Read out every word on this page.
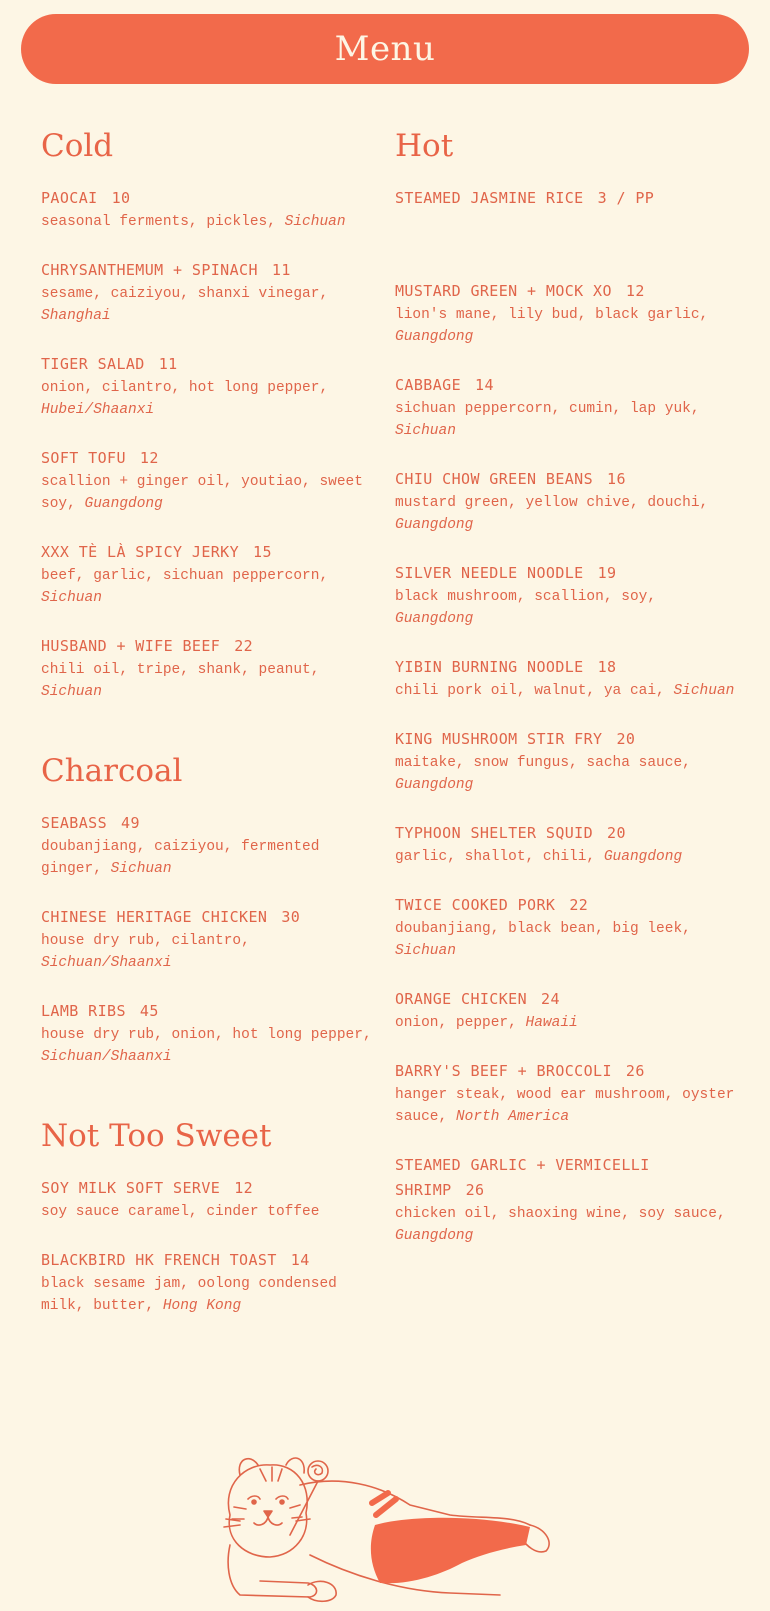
Menu
Cold
PAOCAI 10
seasonal ferments, pickles, Sichuan
CHRYSANTHEMUM + SPINACH 11
sesame, caiziyou, shanxi vinegar, Shanghai
TIGER SALAD 11
onion, cilantro, hot long pepper, Hubei/Shaanxi
SOFT TOFU 12
scallion + ginger oil, youtiao, sweet soy, Guangdong
XXX TÈ LÀ SPICY JERKY 15
beef, garlic, sichuan peppercorn, Sichuan
HUSBAND + WIFE BEEF 22
chili oil, tripe, shank, peanut, Sichuan
Charcoal
SEABASS 49
doubanjiang, caiziyou, fermented ginger, Sichuan
CHINESE HERITAGE CHICKEN 30
house dry rub, cilantro, Sichuan/Shaanxi
LAMB RIBS 45
house dry rub, onion, hot long pepper, Sichuan/Shaanxi
Not Too Sweet
SOY MILK SOFT SERVE 12
soy sauce caramel, cinder toffee
BLACKBIRD HK FRENCH TOAST 14
black sesame jam, oolong condensed milk, butter, Hong Kong
Hot
STEAMED JASMINE RICE 3 / PP
MUSTARD GREEN + MOCK XO 12
lion's mane, lily bud, black garlic, Guangdong
CABBAGE 14
sichuan peppercorn, cumin, lap yuk, Sichuan
CHIU CHOW GREEN BEANS 16
mustard green, yellow chive, douchi, Guangdong
SILVER NEEDLE NOODLE 19
black mushroom, scallion, soy, Guangdong
YIBIN BURNING NOODLE 18
chili pork oil, walnut, ya cai, Sichuan
KING MUSHROOM STIR FRY 20
maitake, snow fungus, sacha sauce, Guangdong
TYPHOON SHELTER SQUID 20
garlic, shallot, chili, Guangdong
TWICE COOKED PORK 22
doubanjiang, black bean, big leek, Sichuan
ORANGE CHICKEN 24
onion, pepper, Hawaii
BARRY'S BEEF + BROCCOLI 26
hanger steak, wood ear mushroom, oyster sauce, North America
STEAMED GARLIC + VERMICELLI SHRIMP 26
chicken oil, shaoxing wine, soy sauce, Guangdong
